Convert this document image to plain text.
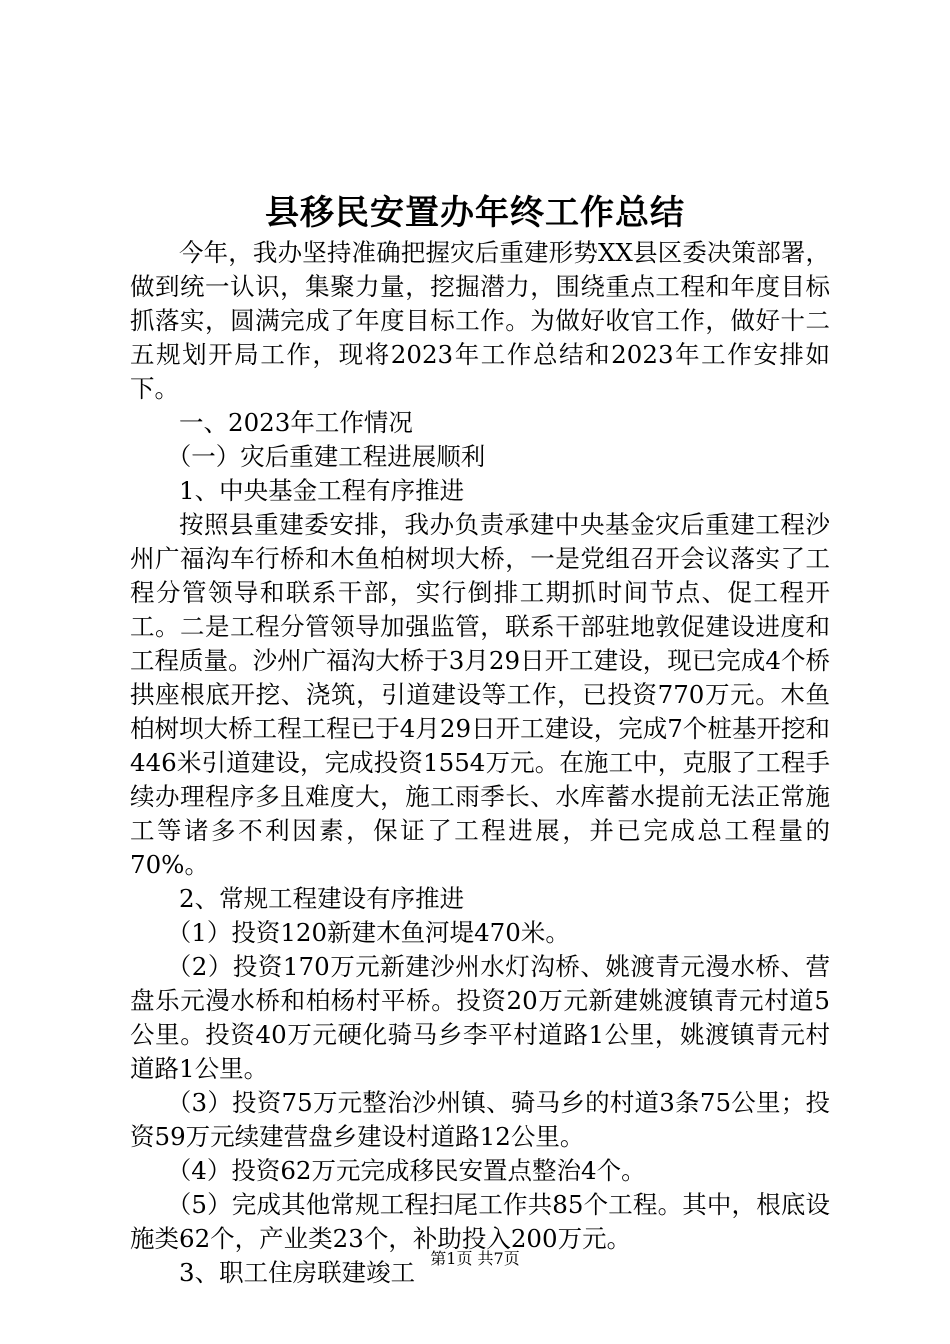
县移民安置办年终工作总结

今年，我办坚持准确把握灾后重建形势XX县区委决策部署，做到统一认识，集聚力量，挖掘潜力，围绕重点工程和年度目标抓落实，圆满完成了年度目标工作。为做好收官工作，做好十二五规划开局工作，现将2023年工作总结和2023年工作安排如下。

一、2023年工作情况

（一）灾后重建工程进展顺利

1、中央基金工程有序推进

按照县重建委安排，我办负责承建中央基金灾后重建工程沙州广福沟车行桥和木鱼柏树坝大桥，一是党组召开会议落实了工程分管领导和联系干部，实行倒排工期抓时间节点、促工程开工。二是工程分管领导加强监管，联系干部驻地敦促建设进度和工程质量。沙州广福沟大桥于3月29日开工建设，现已完成4个桥拱座根底开挖、浇筑，引道建设等工作，已投资770万元。木鱼柏树坝大桥工程工程已于4月29日开工建设，完成7个桩基开挖和446米引道建设，完成投资1554万元。在施工中，克服了工程手续办理程序多且难度大，施工雨季长、水库蓄水提前无法正常施工等诸多不利因素，保证了工程进展，并已完成总工程量的70%。

2、常规工程建设有序推进

（1）投资120新建木鱼河堤470米。

（2）投资170万元新建沙州水灯沟桥、姚渡青元漫水桥、营盘乐元漫水桥和柏杨村平桥。投资20万元新建姚渡镇青元村道5公里。投资40万元硬化骑马乡李平村道路1公里，姚渡镇青元村道路1公里。

（3）投资75万元整治沙州镇、骑马乡的村道3条75公里；投资59万元续建营盘乡建设村道路12公里。

（4）投资62万元完成移民安置点整治4个。

（5）完成其他常规工程扫尾工作共85个工程。其中，根底设施类62个，产业类23个，补助投入200万元。

3、职工住房联建竣工 第1页 共7页
